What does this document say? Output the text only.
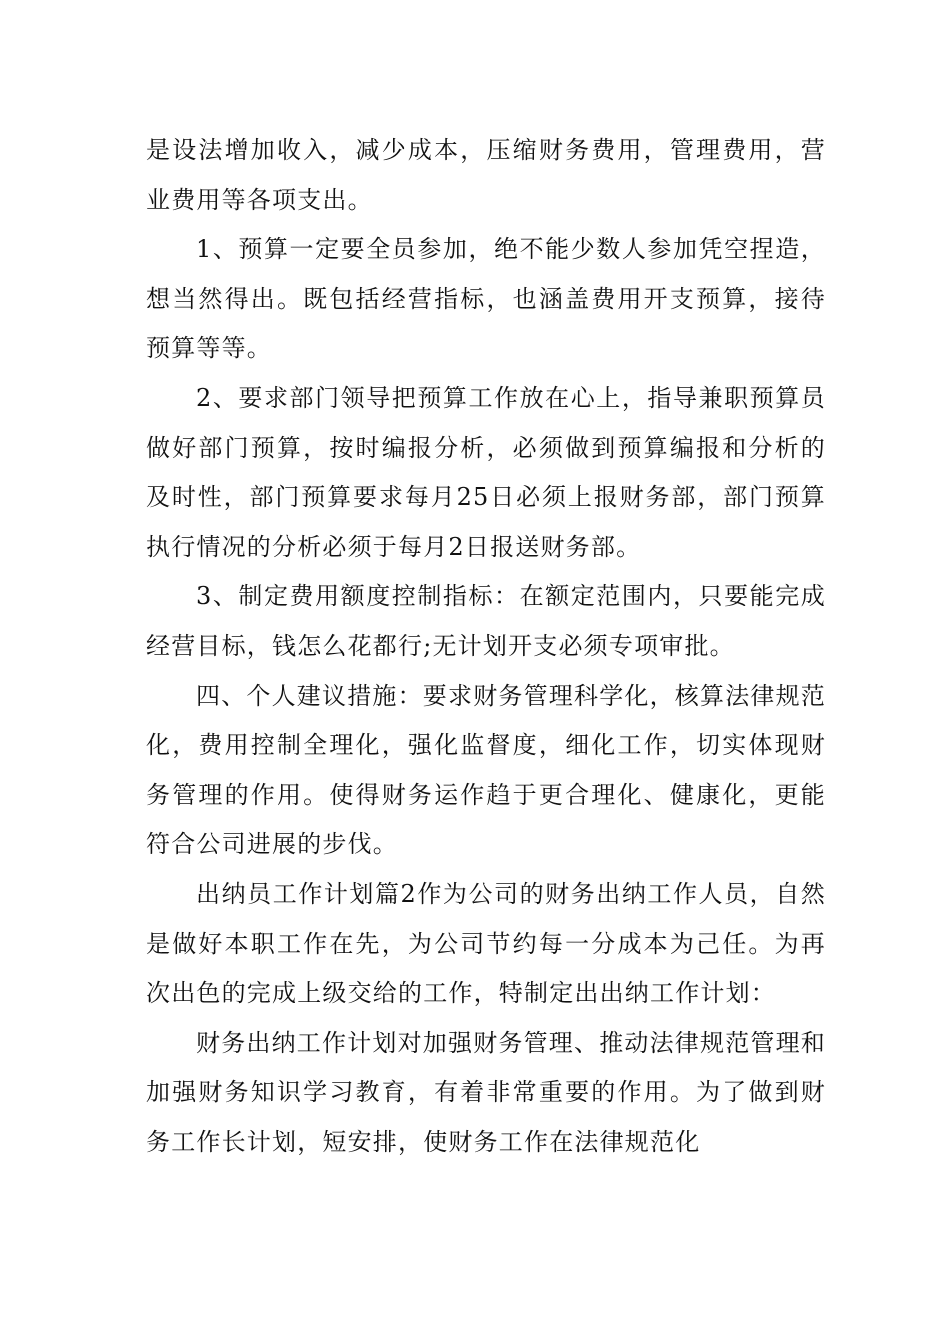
是设法增加收入，减少成本，压缩财务费用，管理费用，营业费用等各项支出。

1、预算一定要全员参加，绝不能少数人参加凭空捏造，想当然得出。既包括经营指标，也涵盖费用开支预算，接待预算等等。

2、要求部门领导把预算工作放在心上，指导兼职预算员做好部门预算，按时编报分析，必须做到预算编报和分析的及时性，部门预算要求每月25日必须上报财务部，部门预算执行情况的分析必须于每月2日报送财务部。

3、制定费用额度控制指标：在额定范围内，只要能完成经营目标，钱怎么花都行;无计划开支必须专项审批。

四、个人建议措施：要求财务管理科学化，核算法律规范化，费用控制全理化，强化监督度，细化工作，切实体现财务管理的作用。使得财务运作趋于更合理化、健康化，更能符合公司进展的步伐。

出纳员工作计划篇2作为公司的财务出纳工作人员，自然是做好本职工作在先，为公司节约每一分成本为己任。为再次出色的完成上级交给的工作，特制定出出纳工作计划：

财务出纳工作计划对加强财务管理、推动法律规范管理和加强财务知识学习教育，有着非常重要的作用。为了做到财务工作长计划，短安排，使财务工作在法律规范化
